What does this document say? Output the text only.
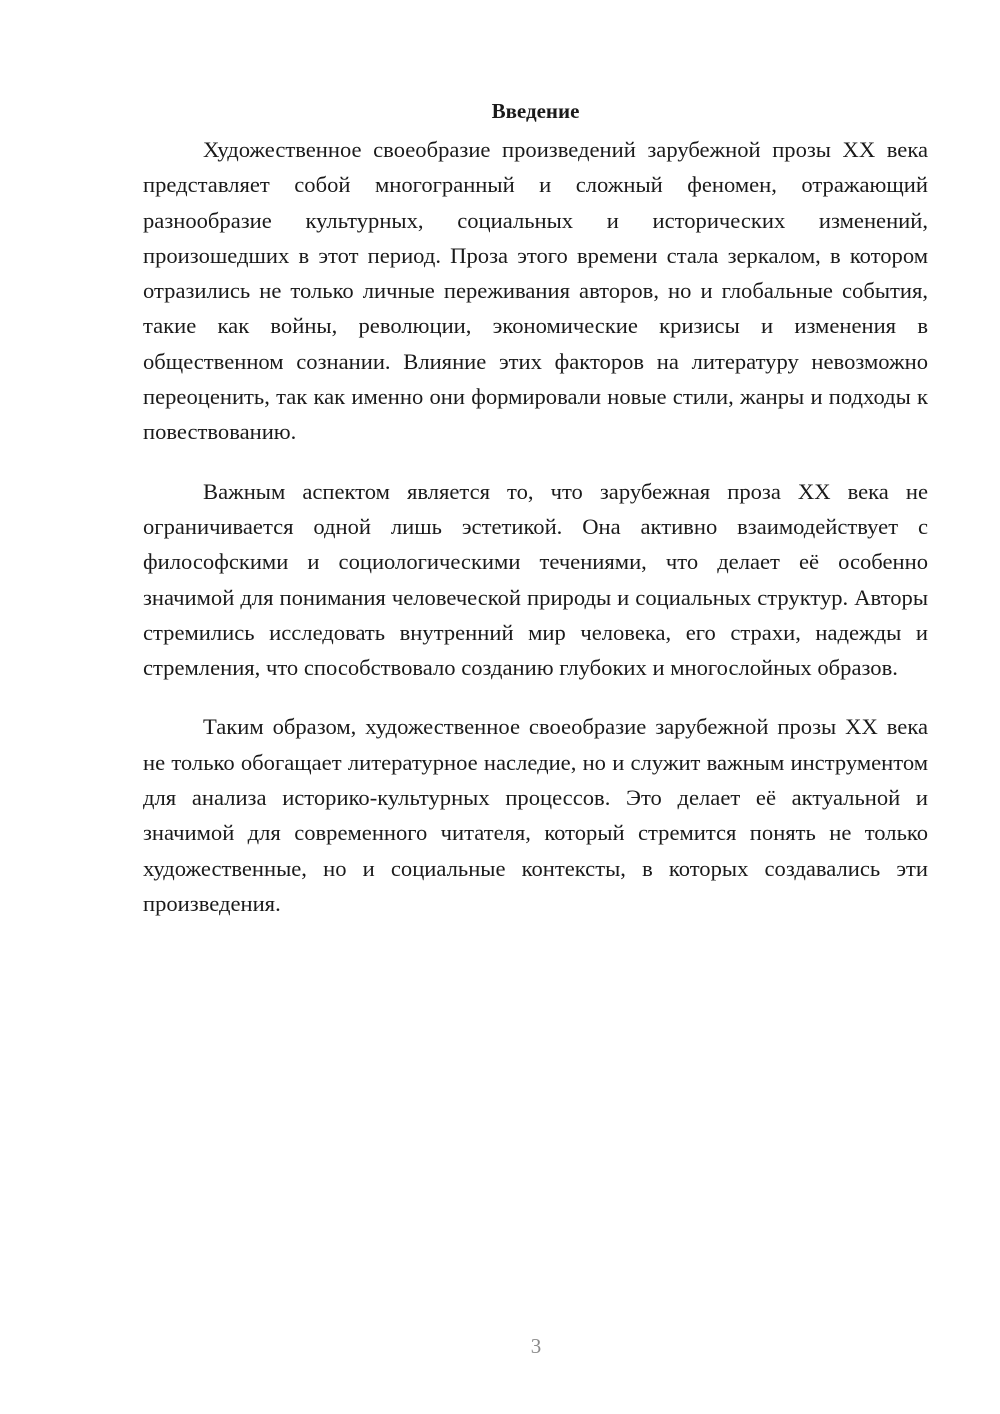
Введение

Художественное своеобразие произведений зарубежной прозы XX века представляет собой многогранный и сложный феномен, отражающий разнообразие культурных, социальных и исторических изменений, произошедших в этот период. Проза этого времени стала зеркалом, в котором отразились не только личные переживания авторов, но и глобальные события, такие как войны, революции, экономические кризисы и изменения в общественном сознании. Влияние этих факторов на литературу невозможно переоценить, так как именно они формировали новые стили, жанры и подходы к повествованию.

Важным аспектом является то, что зарубежная проза XX века не ограничивается одной лишь эстетикой. Она активно взаимодействует с философскими и социологическими течениями, что делает её особенно значимой для понимания человеческой природы и социальных структур. Авторы стремились исследовать внутренний мир человека, его страхи, надежды и стремления, что способствовало созданию глубоких и многослойных образов.

Таким образом, художественное своеобразие зарубежной прозы XX века не только обогащает литературное наследие, но и служит важным инструментом для анализа историко-культурных процессов. Это делает её актуальной и значимой для современного читателя, который стремится понять не только художественные, но и социальные контексты, в которых создавались эти произведения.

3
